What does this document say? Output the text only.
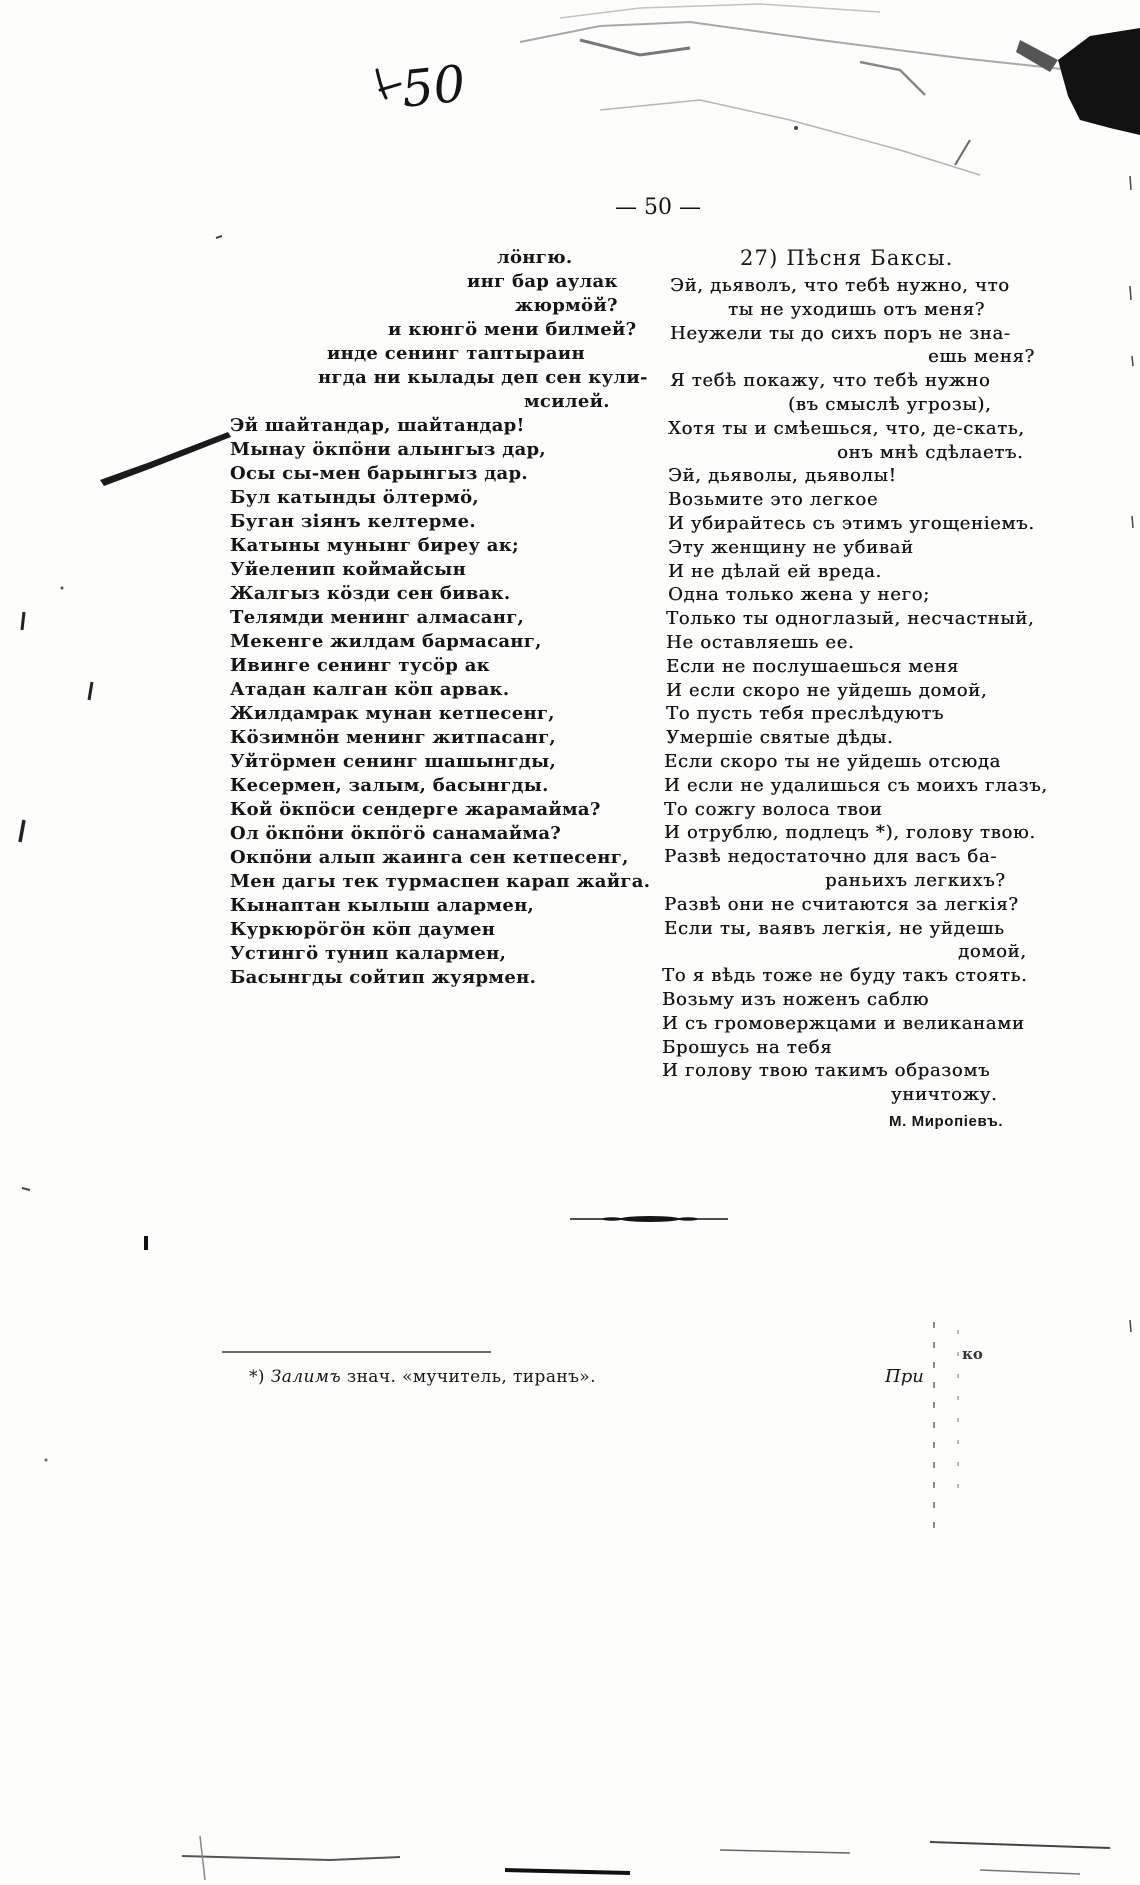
50
— 50 —
лöнгю.
инг бар аулак
жюрмöй?
и кюнгö мени билмей?
инде сенинг таптыраин
нгда ни кылады деп сен кули-
мсилей.
Эй шайтандар, шайтандар!
Мынау öкпöни алынгыз дар,
Осы сы-мен барынгыз дар.
Бул катынды öлтермö,
Буган зіянъ келтерме.
Катыны мунынг биреу ак;
Уйеленип коймайсын
Жалгыз кöзди сен бивак.
Телямди менинг алмасанг,
Мекенге жилдам бармасанг,
Ивинге сенинг тусöр ак
Атадан калган кöп арвак.
Жилдамрак мунан кетпесенг,
Кöзимнöн менинг житпасанг,
Уйтöрмен сенинг шашынгды,
Кесермен, залым, басынгды.
Кой öкпöси сендерге жарамайма?
Ол öкпöни öкпöгö санамайма?
Окпöни алып жаинга сен кетпесенг,
Мен дагы тек турмаспен карап жайга.
Кынаптан кылыш алармен,
Куркюрöгöн кöп даумен
Устингö тунип калармен,
Басынгды сойтип жуярмен.
27) Пѣсня Баксы.
Эй, дьяволъ, что тебѣ нужно, что
ты не уходишь отъ меня?
Неужели ты до сихъ поръ не зна-
ешь меня?
Я тебѣ покажу, что тебѣ нужно
(въ смыслѣ угрозы),
Хотя ты и смѣешься, что, де-скать,
онъ мнѣ сдѣлаетъ.
Эй, дьяволы, дьяволы!
Возьмите это легкое
И убирайтесь съ этимъ угощеніемъ.
Эту женщину не убивай
И не дѣлай ей вреда.
Одна только жена у него;
Только ты одноглазый, несчастный,
Не оставляешь ее.
Если не послушаешься меня
И если скоро не уйдешь домой,
То пусть тебя преслѣдуютъ
Умершіе святые дѣды.
Если скоро ты не уйдешь отсюда
И если не удалишься съ моихъ глазъ,
То сожгу волоса твои
И отрублю, подлецъ *), голову твою.
Развѣ недостаточно для васъ ба-
раньихъ легкихъ?
Развѣ они не считаются за легкія?
Если ты, ваявъ легкія, не уйдешь
домой,
То я вѣдь тоже не буду такъ стоять.
Возьму изъ ноженъ саблю
И съ громовержцами и великанами
Брошусь на тебя
И голову твою такимъ образомъ
уничтожу.
М. Миропіевъ.
*) Залимъ знач. «мучитель, тиранъ».	При
ко
